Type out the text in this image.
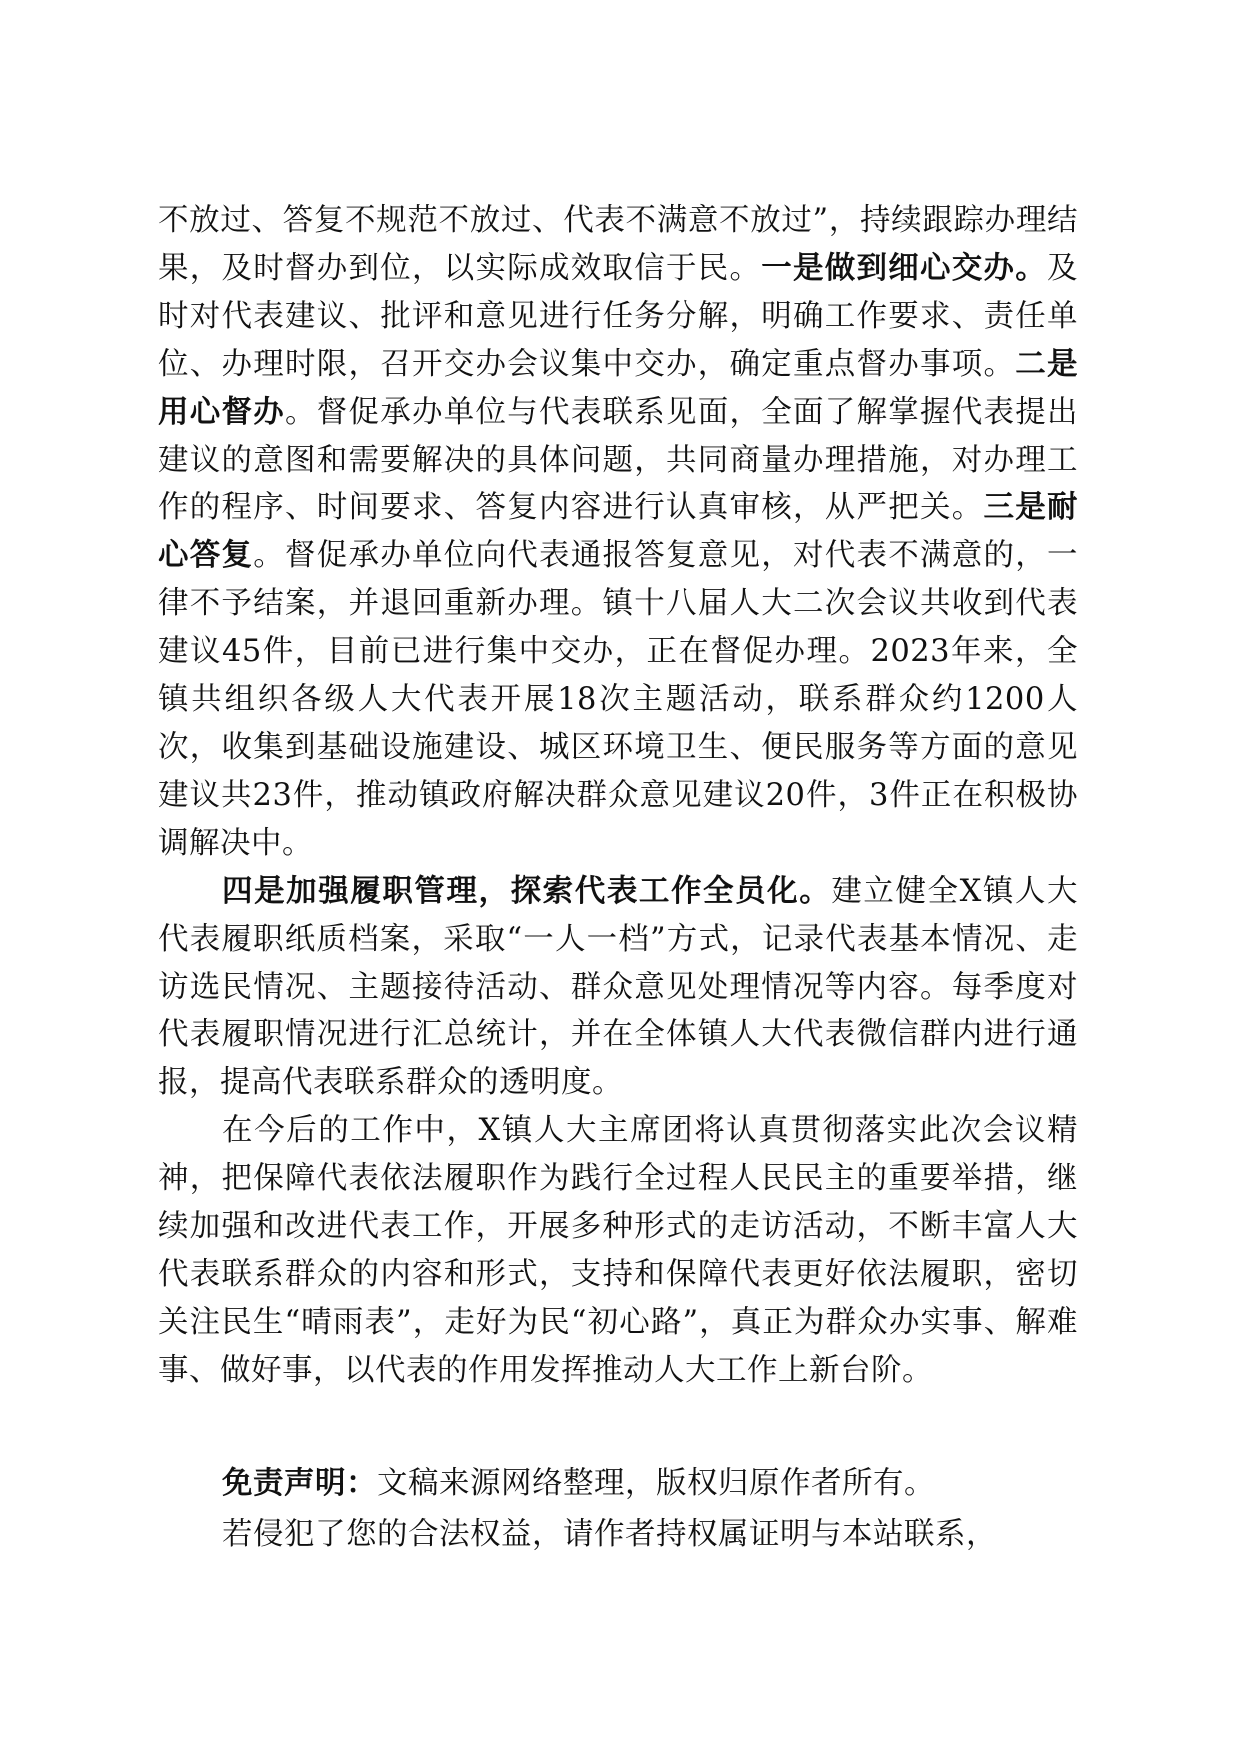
不放过、答复不规范不放过、代表不满意不放过”，持续跟踪办理结果，及时督办到位，以实际成效取信于民。一是做到细心交办。及时对代表建议、批评和意见进行任务分解，明确工作要求、责任单位、办理时限，召开交办会议集中交办，确定重点督办事项。二是用心督办。督促承办单位与代表联系见面，全面了解掌握代表提出建议的意图和需要解决的具体问题，共同商量办理措施，对办理工作的程序、时间要求、答复内容进行认真审核，从严把关。三是耐心答复。督促承办单位向代表通报答复意见，对代表不满意的，一律不予结案，并退回重新办理。镇十八届人大二次会议共收到代表建议45件，目前已进行集中交办，正在督促办理。2023年来，全镇共组织各级人大代表开展18次主题活动，联系群众约1200人次，收集到基础设施建设、城区环境卫生、便民服务等方面的意见建议共23件，推动镇政府解决群众意见建议20件，3件正在积极协调解决中。

四是加强履职管理，探索代表工作全员化。建立健全X镇人大代表履职纸质档案，采取“一人一档”方式，记录代表基本情况、走访选民情况、主题接待活动、群众意见处理情况等内容。每季度对代表履职情况进行汇总统计，并在全体镇人大代表微信群内进行通报，提高代表联系群众的透明度。

在今后的工作中，X镇人大主席团将认真贯彻落实此次会议精神，把保障代表依法履职作为践行全过程人民民主的重要举措，继续加强和改进代表工作，开展多种形式的走访活动，不断丰富人大代表联系群众的内容和形式，支持和保障代表更好依法履职，密切关注民生“晴雨表”，走好为民“初心路”，真正为群众办实事、解难事、做好事，以代表的作用发挥推动人大工作上新台阶。

免责声明：文稿来源网络整理，版权归原作者所有。

若侵犯了您的合法权益，请作者持权属证明与本站联系，
